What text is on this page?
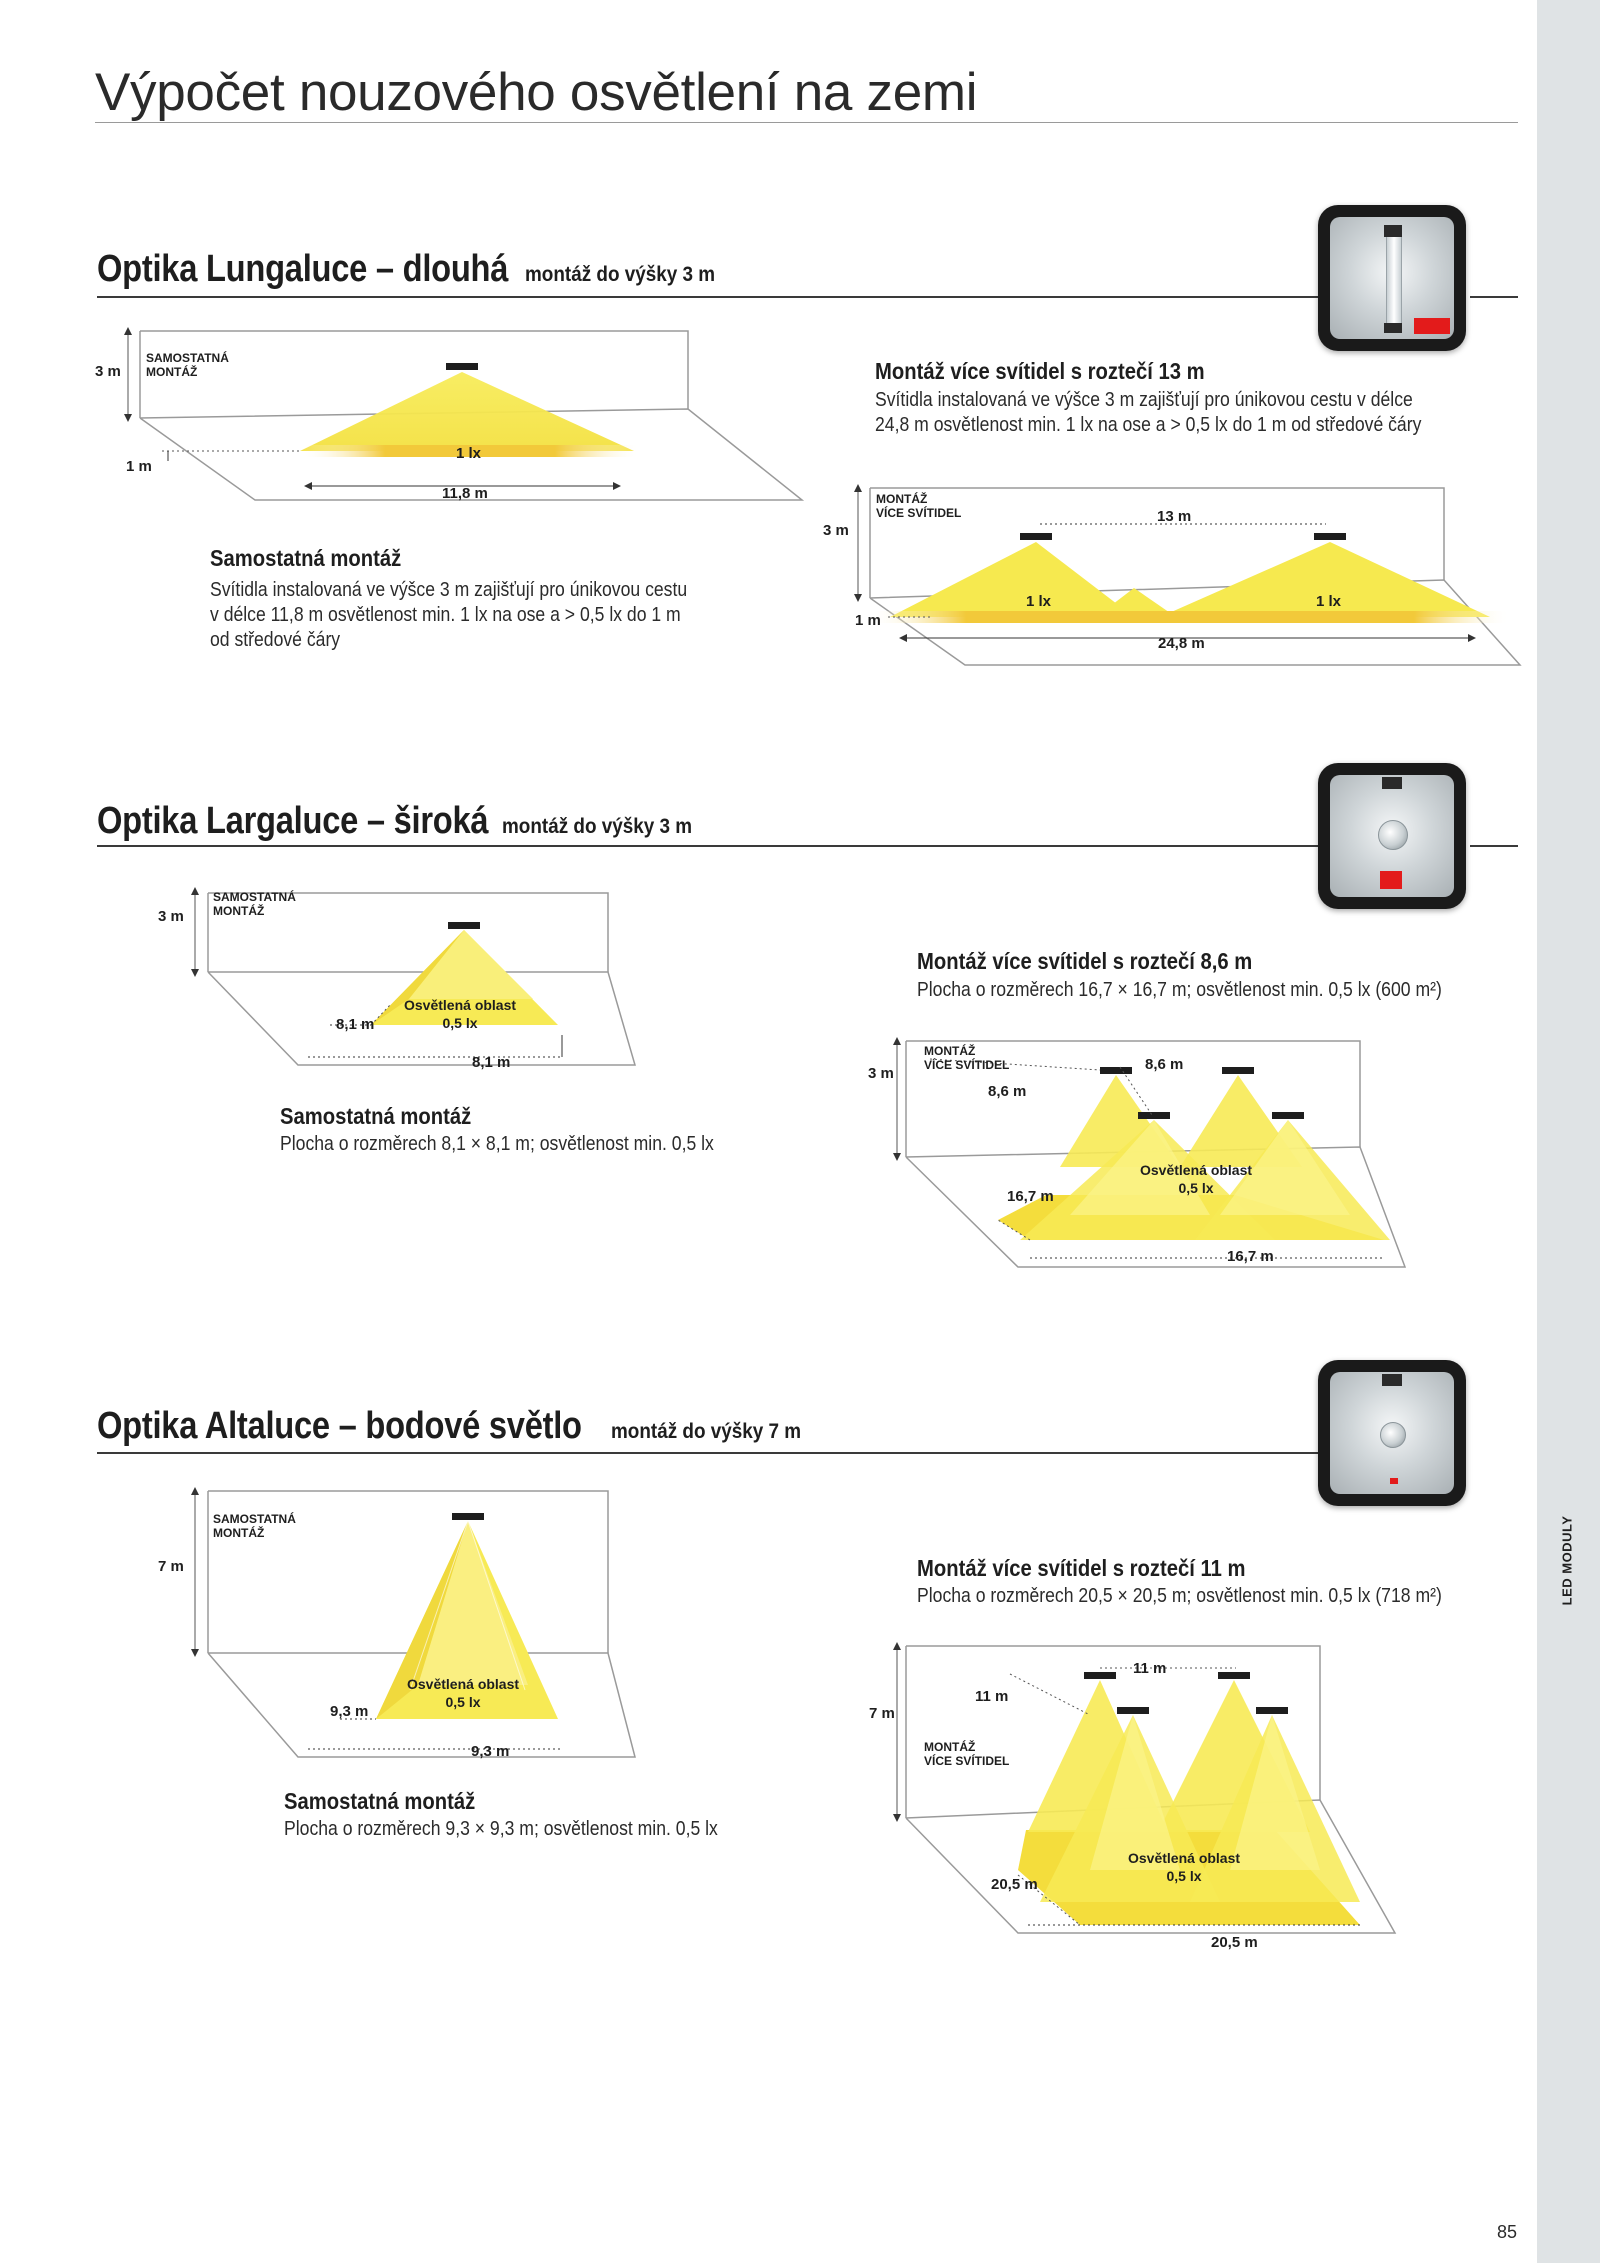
LED MODULY
Výpočet nouzového osvětlení na zemi
Optika Lungaluce – dlouhá montáž do výšky 3 m
3 m
SAMOSTATNÁ
MONTÁŽ
1 m
1 lx
11,8 m
Samostatná montáž
Svítidla instalovaná ve výšce 3 m zajišťují pro únikovou cestu
v délce 11,8 m osvětlenost min. 1 lx na ose a > 0,5 lx do 1 m
od středové čáry
Montáž více svítidel s roztečí 13 m
Svítidla instalovaná ve výšce 3 m zajišťují pro únikovou cestu v délce
24,8 m osvětlenost min. 1 lx na ose a > 0,5 lx do 1 m od středové čáry
3 m
MONTÁŽ
VÍCE SVÍTIDEL	13 m
1 m
1 lx	1 lx
24,8 m
Optika Largaluce – široká montáž do výšky 3 m
3 m
SAMOSTATNÁ
MONTÁŽ
Osvětlená oblast
0,5 lx
8,1 m
8,1 m
Samostatná montáž
Plocha o rozměrech 8,1 × 8,1 m; osvětlenost min. 0,5 lx
Montáž více svítidel s roztečí 8,6 m
Plocha o rozměrech 16,7 × 16,7 m; osvětlenost min. 0,5 lx (600 m²)
3 m
MONTÁŽ
VÍCE SVÍTIDEL	8,6 m
8,6 m
Osvětlená oblast
0,5 lx
16,7 m
16,7 m
Optika Altaluce – bodové světlo montáž do výšky 7 m
7 m
SAMOSTATNÁ
MONTÁŽ
Osvětlená oblast
0,5 lx
9,3 m
9,3 m
Samostatná montáž
Plocha o rozměrech 9,3 × 9,3 m; osvětlenost min. 0,5 lx
Montáž více svítidel s roztečí 11 m
Plocha o rozměrech 20,5 × 20,5 m; osvětlenost min. 0,5 lx (718 m²)
7 m
MONTÁŽ
VÍCE SVÍTIDEL
11 m
11 m
Osvětlená oblast
0,5 lx
20,5 m
20,5 m
85
